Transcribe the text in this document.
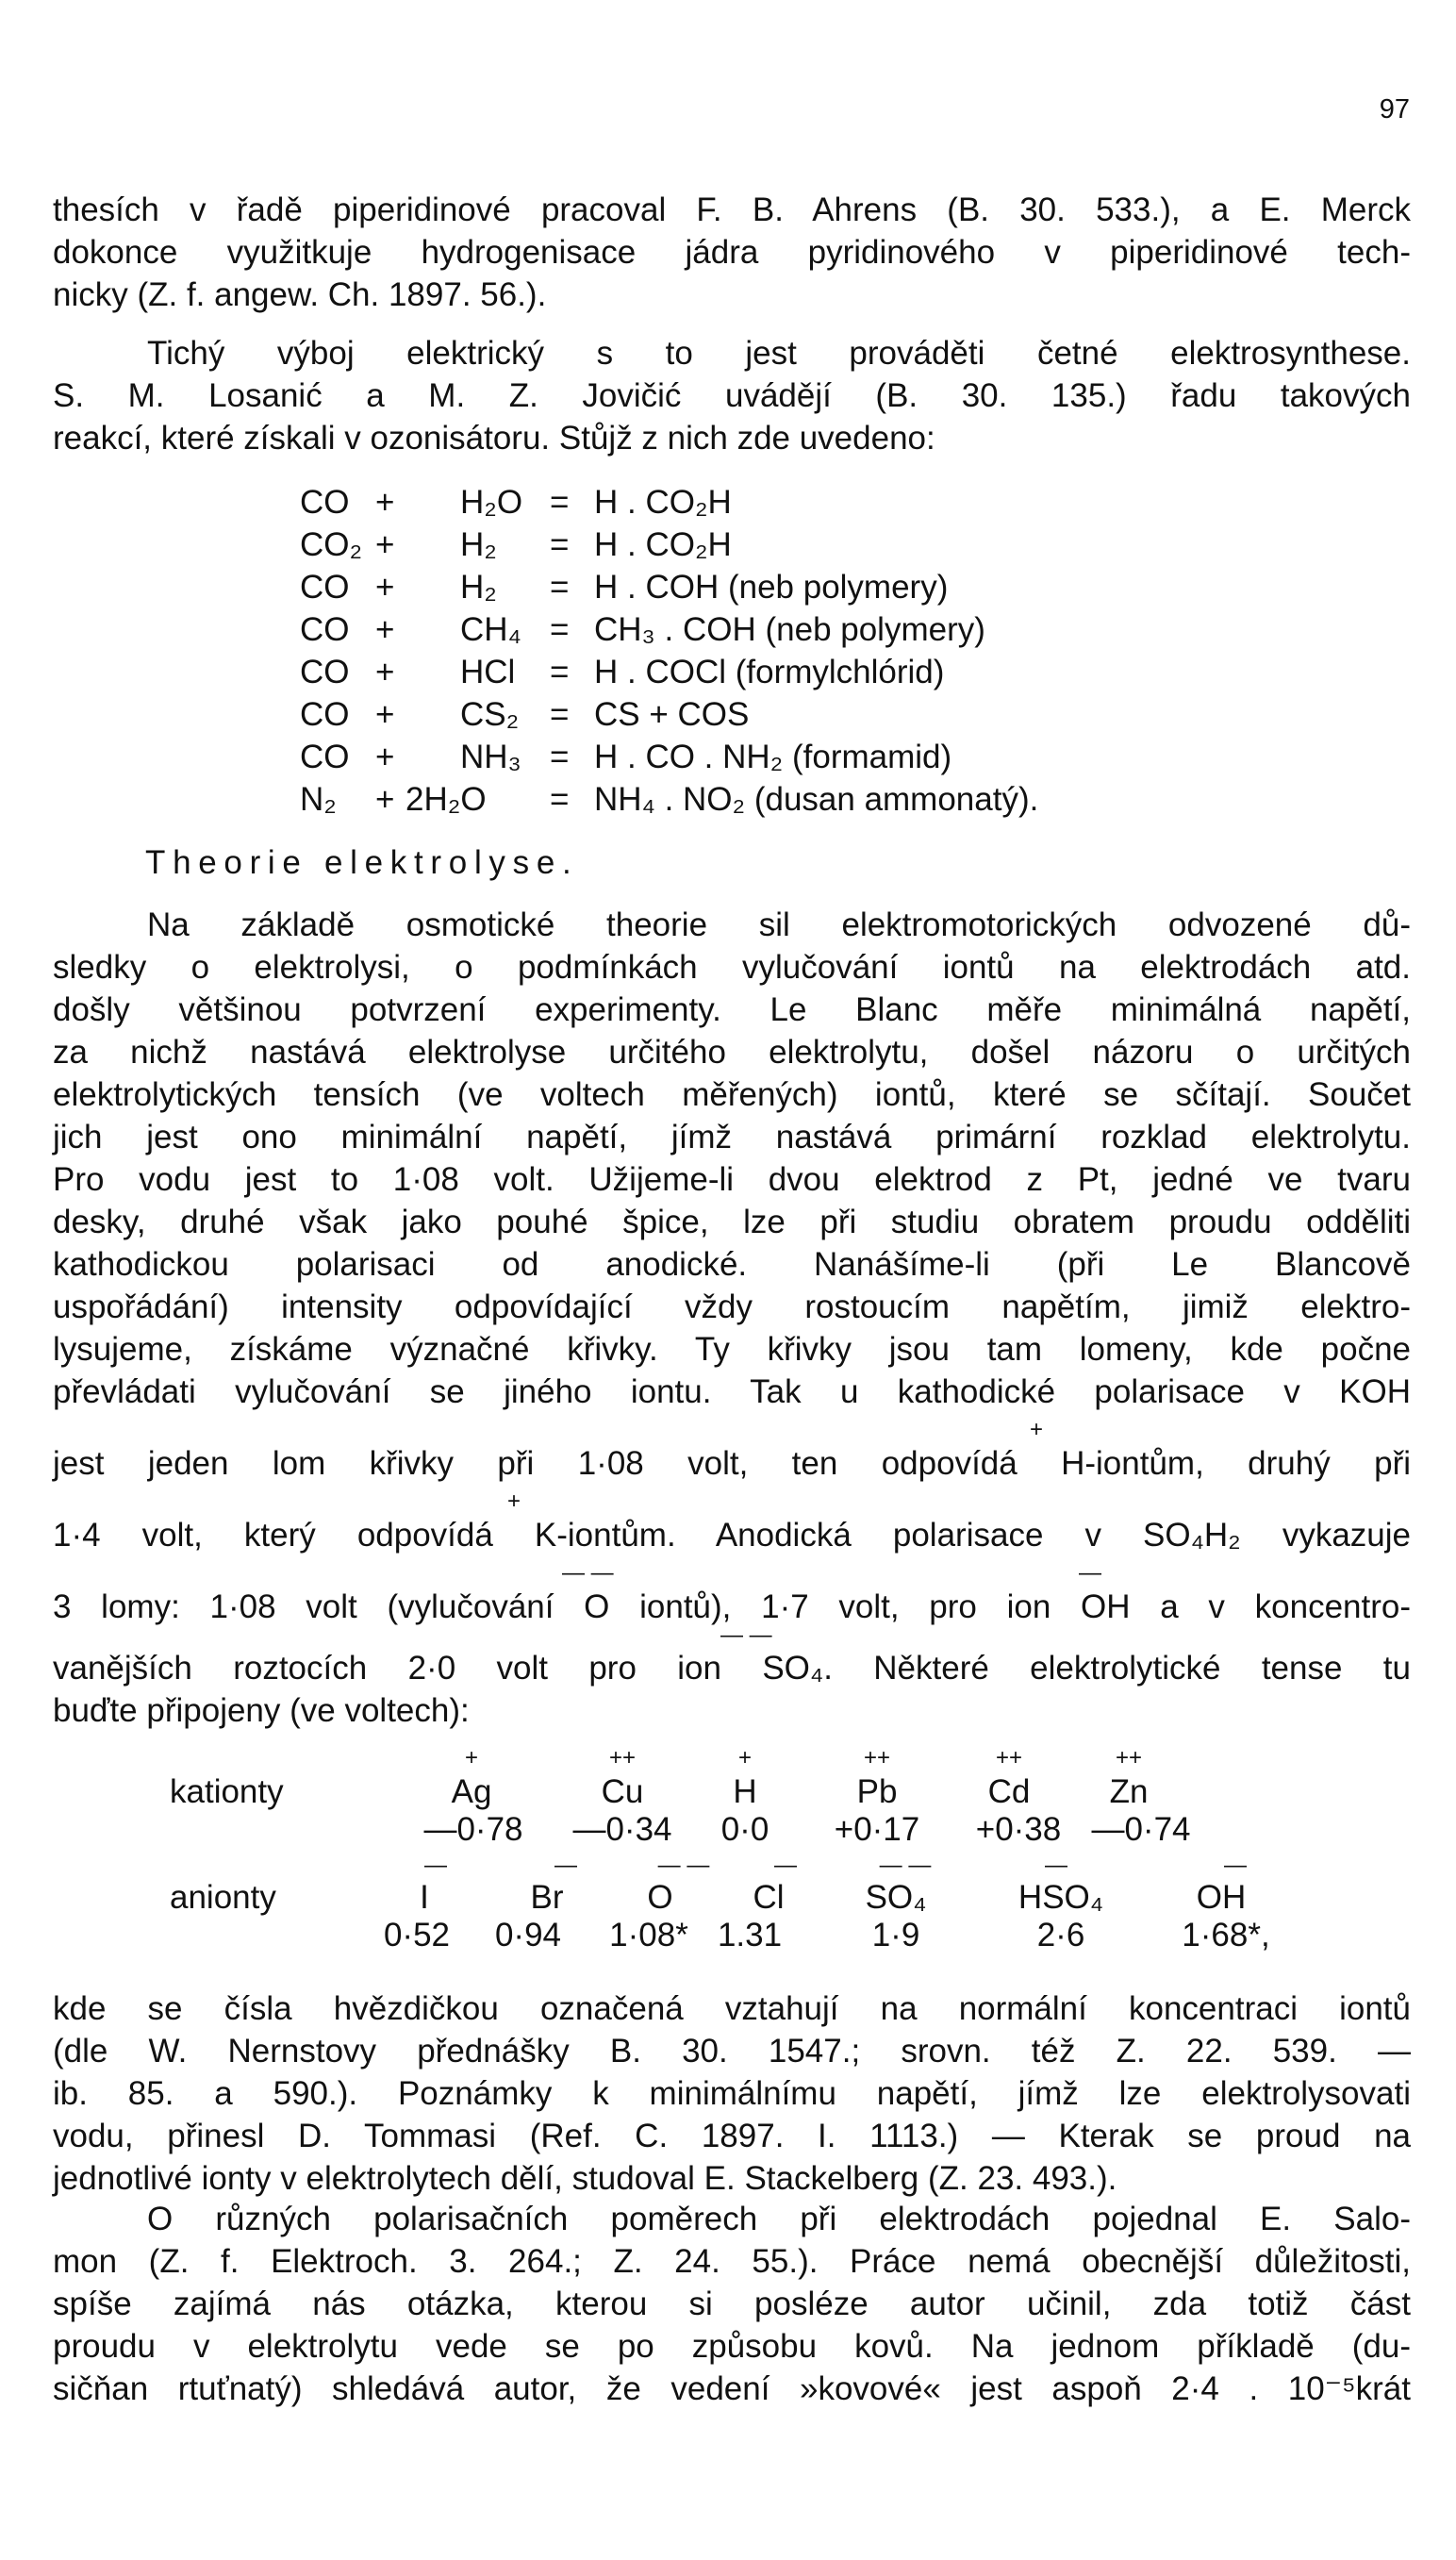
97
thesích v řadě piperidinové pracoval F. B. Ahrens (B. 30. 533.), a E. Merck
dokonce využitkuje hydrogenisace jádra pyridinového v piperidinové tech-
nicky (Z. f. angew. Ch. 1897. 56.).
Tichý výboj elektrický s to jest prováděti četné elektrosynthese.
S. M. Losanić a M. Z. Jovičić uvádějí (B. 30. 135.) řadu takových
reakcí, které získali v ozonisátoru. Stůjž z nich zde uvedeno:
CO + H₂O = H . CO₂H
CO₂ + H₂ = H . CO₂H
CO + H₂ = H . COH (neb polymery)
CO + CH₄ = CH₃ . COH (neb polymery)
CO + HCl = H . COCl (formylchlórid)
CO + CS₂ = CS + COS
CO + NH₃ = H . CO . NH₂ (formamid)
N₂ + 2H₂O = NH₄ . NO₂ (dusan ammonatý).
Theorie elektrolyse.
Na základě osmotické theorie sil elektromotorických odvozené dů-
sledky o elektrolysi, o podmínkách vylučování iontů na elektrodách atd.
došly většinou potvrzení experimenty. Le Blanc měře minimálná napětí,
za nichž nastává elektrolyse určitého elektrolytu, došel názoru o určitých
elektrolytických tensích (ve voltech měřených) iontů, které se sčítají. Součet
jich jest ono minimální napětí, jímž nastává primární rozklad elektrolytu.
Pro vodu jest to 1·08 volt. Užijeme-li dvou elektrod z Pt, jedné ve tvaru
desky, druhé však jako pouhé špice, lze při studiu obratem proudu odděliti
kathodickou polarisaci od anodické. Nanášíme-li (při Le Blancově
uspořádání) intensity odpovídající vždy rostoucím napětím, jimiž elektro-
lysujeme, získáme význačné křivky. Ty křivky jsou tam lomeny, kde počne
převládati vylučování se jiného iontu. Tak u kathodické polarisace v KOH
+
jest jeden lom křivky při 1·08 volt, ten odpovídá H-iontům, druhý při
+
1·4 volt, který odpovídá K-iontům. Anodická polarisace v SO₄H₂ vykazuje
— —	—
3 lomy: 1·08 volt (vylučování O iontů), 1·7 volt, pro ion OH a v koncentro-
— —
vanějších roztocích 2·0 volt pro ion SO₄. Některé elektrolytické tense tu
buďte připojeny (ve voltech):
+	++	+	++	++	++
kationty	Ag	Cu	H	Pb	Cd Zn
—0·78 —0·34	0·0	+0·17	+0·38 —0·74
—	—	— —	—	— —	—	—
anionty	I	Br	O	Cl	SO₄	HSO₄	OH
0·52 0·94 1·08* 1.31	1·9	2·6	1·68*,
kde se čísla hvězdičkou označená vztahují na normální koncentraci iontů
(dle W. Nernstovy přednášky B. 30. 1547.; srovn. též Z. 22. 539. —
ib. 85. a 590.). Poznámky k minimálnímu napětí, jímž lze elektrolysovati
vodu, přinesl D. Tommasi (Ref. C. 1897. I. 1113.) — Kterak se proud na
jednotlivé ionty v elektrolytech dělí, studoval E. Stackelberg (Z. 23. 493.).
O různých polarisačních poměrech při elektrodách pojednal E. Salo-
mon (Z. f. Elektroch. 3. 264.; Z. 24. 55.). Práce nemá obecnější důležitosti,
spíše zajímá nás otázka, kterou si posléze autor učinil, zda totiž část
proudu v elektrolytu vede se po způsobu kovů. Na jednom příkladě (du-
sičňan rtuťnatý) shledává autor, že vedení »kovové« jest aspoň 2·4 . 10⁻⁵krát
